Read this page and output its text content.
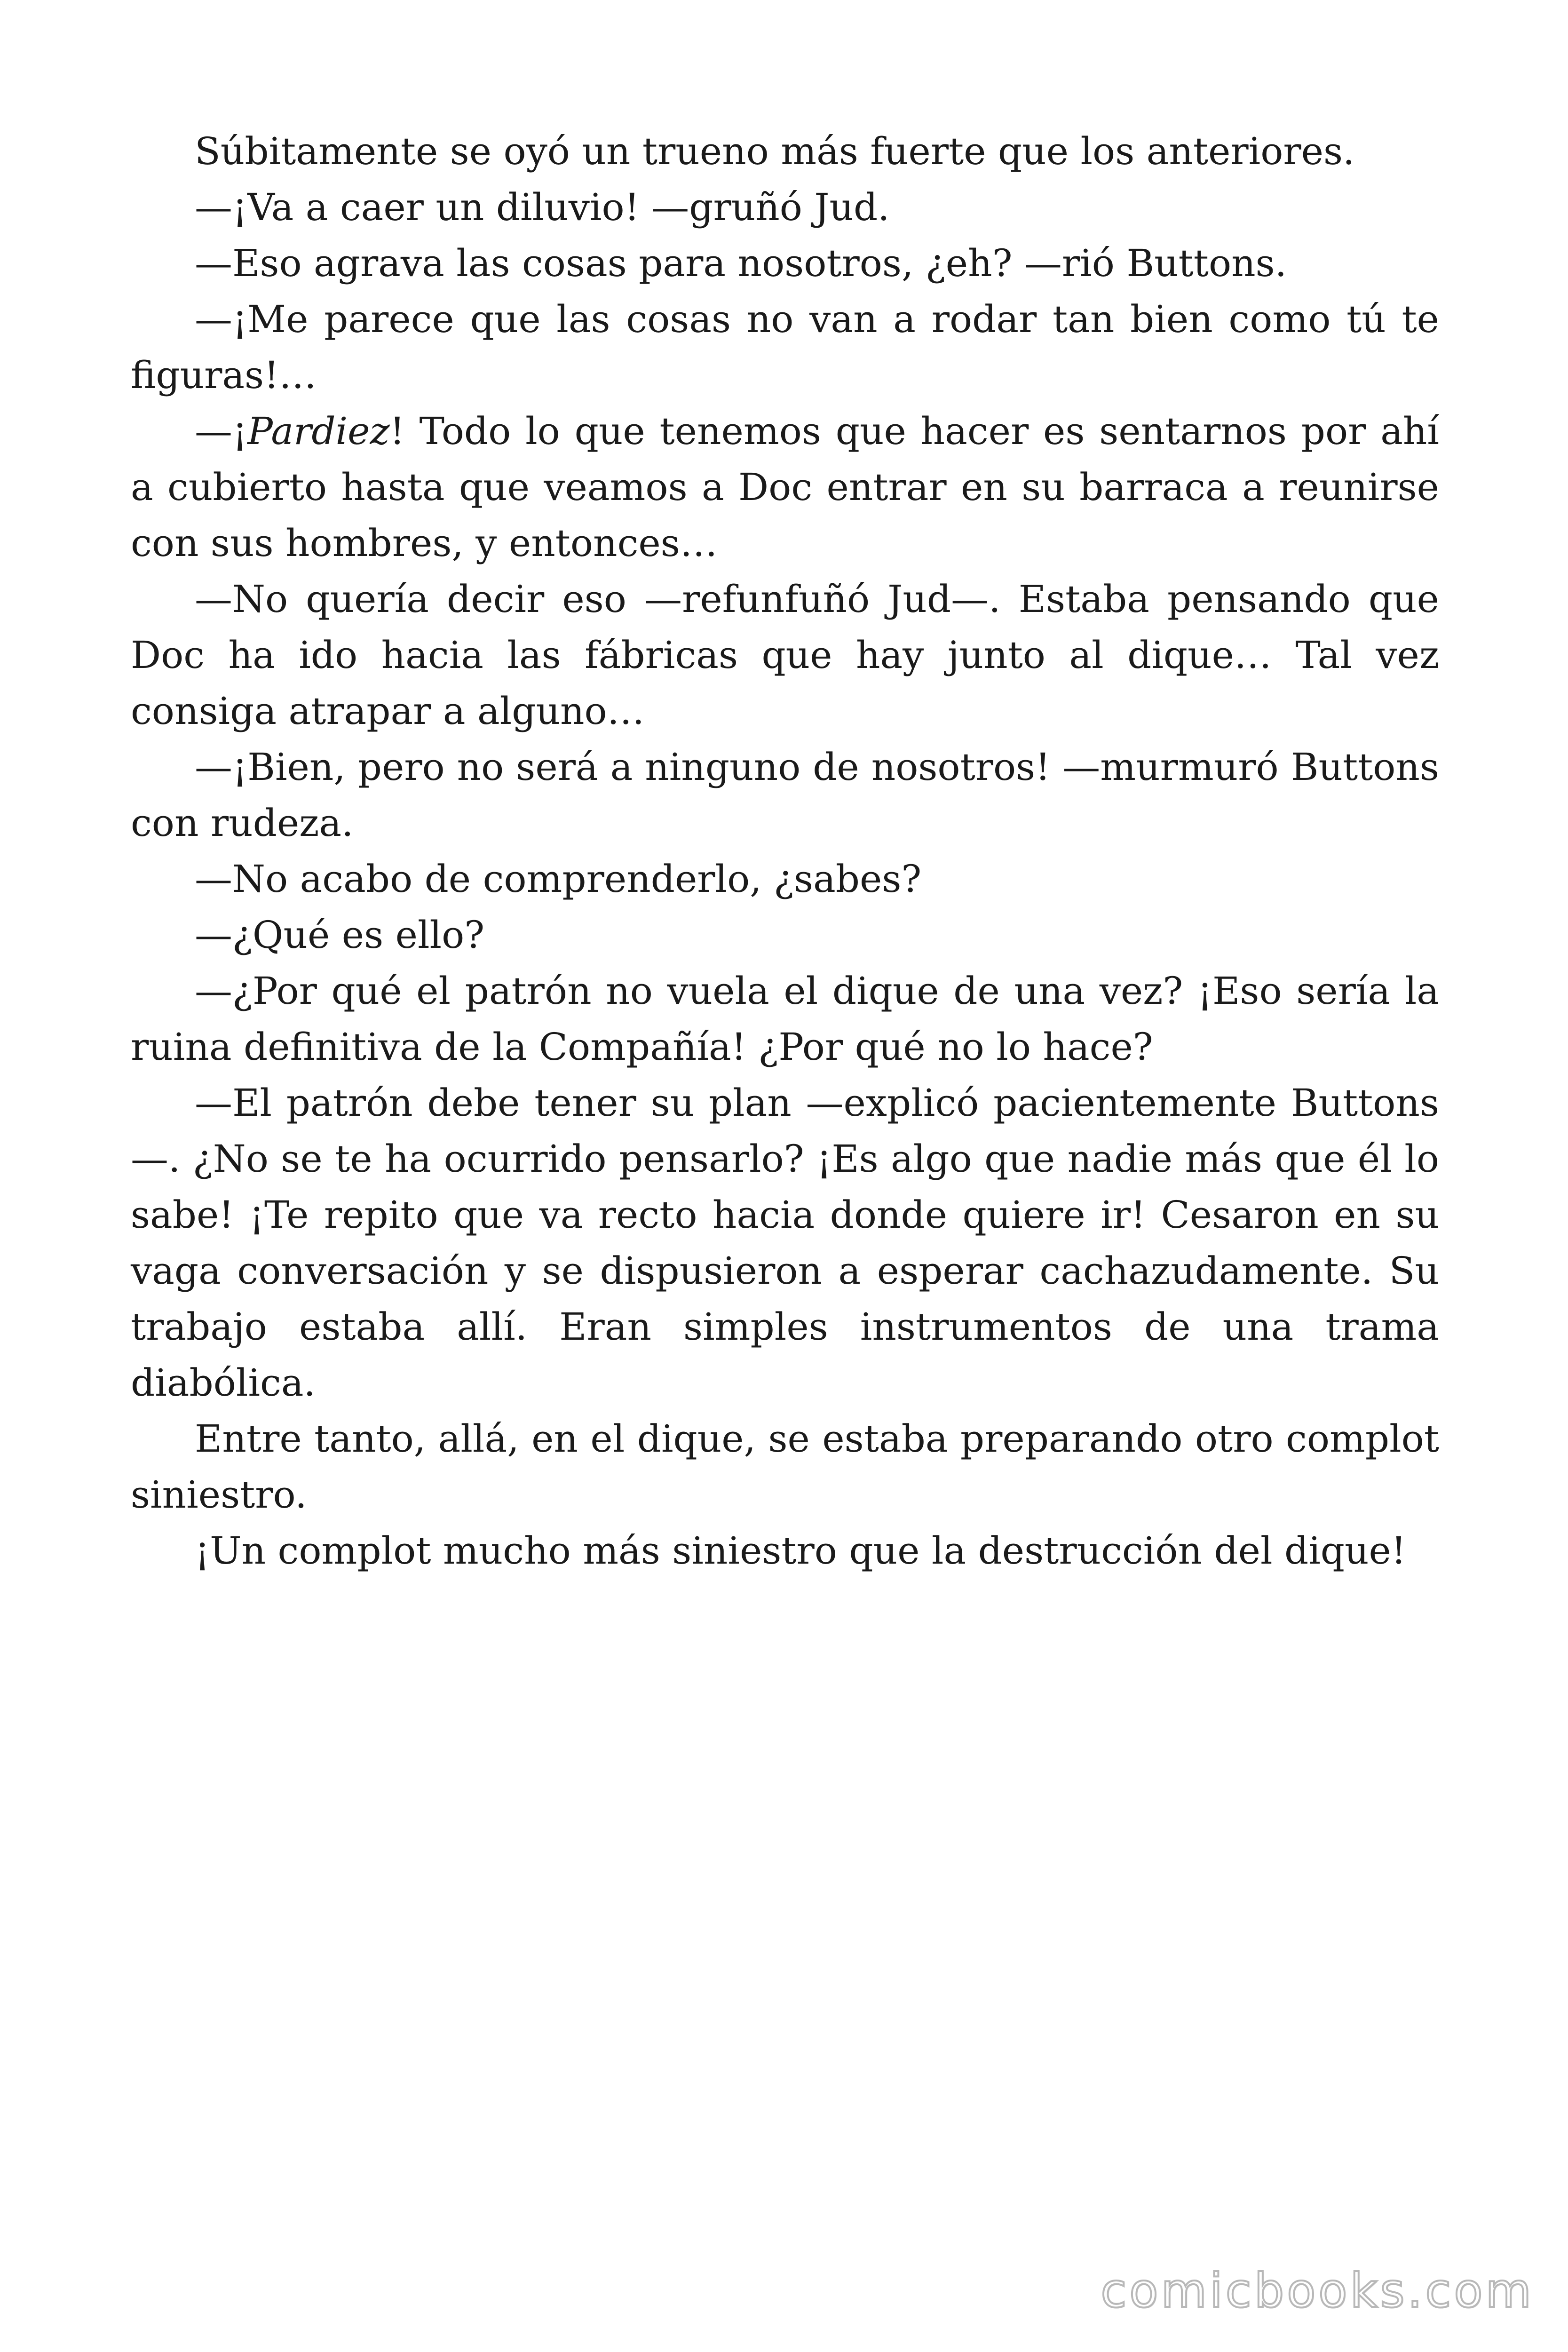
Súbitamente se oyó un trueno más fuerte que los anteriores.

—¡Va a caer un diluvio! —gruñó Jud.

—Eso agrava las cosas para nosotros, ¿eh? —rió Buttons.

—¡Me parece que las cosas no van a rodar tan bien como tú te figuras!…

—¡Pardiez! Todo lo que tenemos que hacer es sentarnos por ahí a cubierto hasta que veamos a Doc entrar en su barraca a reunirse con sus hombres, y entonces…

—No quería decir eso —refunfuñó Jud—. Estaba pensando que Doc ha ido hacia las fábricas que hay junto al dique… Tal vez consiga atrapar a alguno…

—¡Bien, pero no será a ninguno de nosotros! —murmuró Buttons con rudeza.

—No acabo de comprenderlo, ¿sabes?

—¿Qué es ello?

—¿Por qué el patrón no vuela el dique de una vez? ¡Eso sería la ruina definitiva de la Compañía! ¿Por qué no lo hace?

—El patrón debe tener su plan —explicó pacientemente Buttons —. ¿No se te ha ocurrido pensarlo? ¡Es algo que nadie más que él lo sabe! ¡Te repito que va recto hacia donde quiere ir! Cesaron en su vaga conversación y se dispusieron a esperar cachazudamente. Su trabajo estaba allí. Eran simples instrumentos de una trama diabólica.

Entre tanto, allá, en el dique, se estaba preparando otro complot siniestro.

¡Un complot mucho más siniestro que la destrucción del dique!

comicbooks.com
